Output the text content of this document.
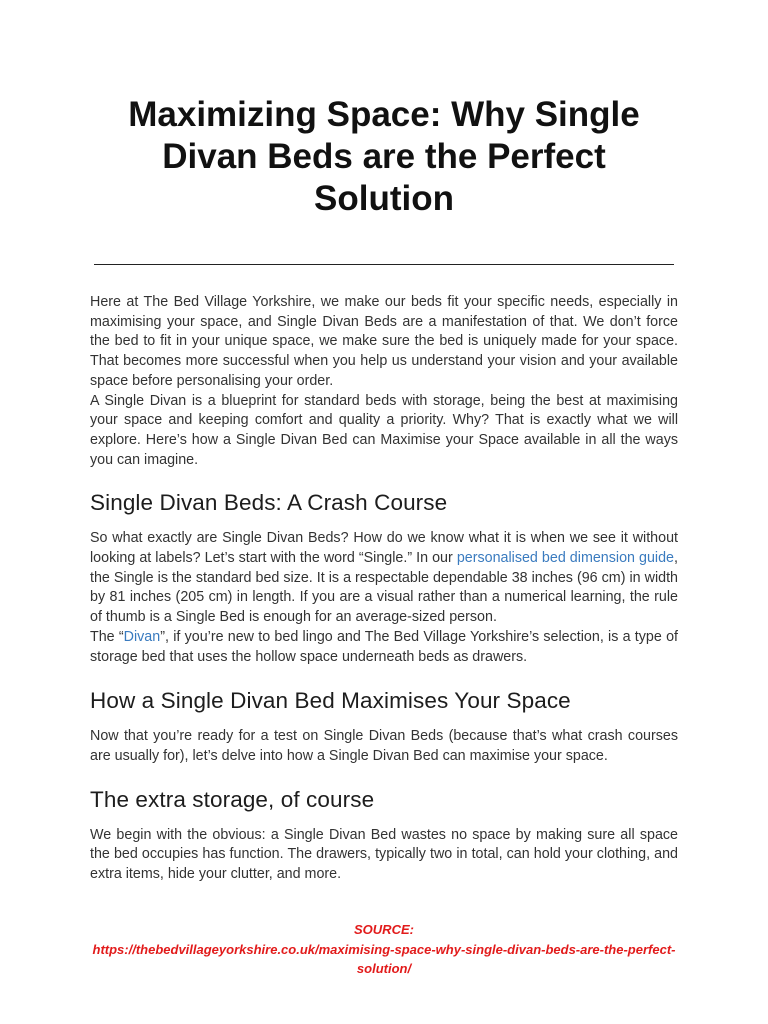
Maximizing Space: Why Single Divan Beds are the Perfect Solution

Here at The Bed Village Yorkshire, we make our beds fit your specific needs, especially in maximising your space, and Single Divan Beds are a manifestation of that. We don’t force the bed to fit in your unique space, we make sure the bed is uniquely made for your space. That becomes more successful when you help us understand your vision and your available space before personalising your order.

A Single Divan is a blueprint for standard beds with storage, being the best at maximising your space and keeping comfort and quality a priority. Why? That is exactly what we will explore. Here’s how a Single Divan Bed can Maximise your Space available in all the ways you can imagine.

Single Divan Beds: A Crash Course

So what exactly are Single Divan Beds? How do we know what it is when we see it without looking at labels? Let’s start with the word “Single.” In our personalised bed dimension guide, the Single is the standard bed size. It is a respectable dependable 38 inches (96 cm) in width by 81 inches (205 cm) in length. If you are a visual rather than a numerical learning, the rule of thumb is a Single Bed is enough for an average-sized person.

The “Divan”, if you’re new to bed lingo and The Bed Village Yorkshire’s selection, is a type of storage bed that uses the hollow space underneath beds as drawers.

How a Single Divan Bed Maximises Your Space

Now that you’re ready for a test on Single Divan Beds (because that’s what crash courses are usually for), let’s delve into how a Single Divan Bed can maximise your space.

The extra storage, of course

We begin with the obvious: a Single Divan Bed wastes no space by making sure all space the bed occupies has function. The drawers, typically two in total, can hold your clothing, and extra items, hide your clutter, and more.

SOURCE:
https://thebedvillageyorkshire.co.uk/maximising-space-why-single-divan-beds-are-the-perfect-solution/
